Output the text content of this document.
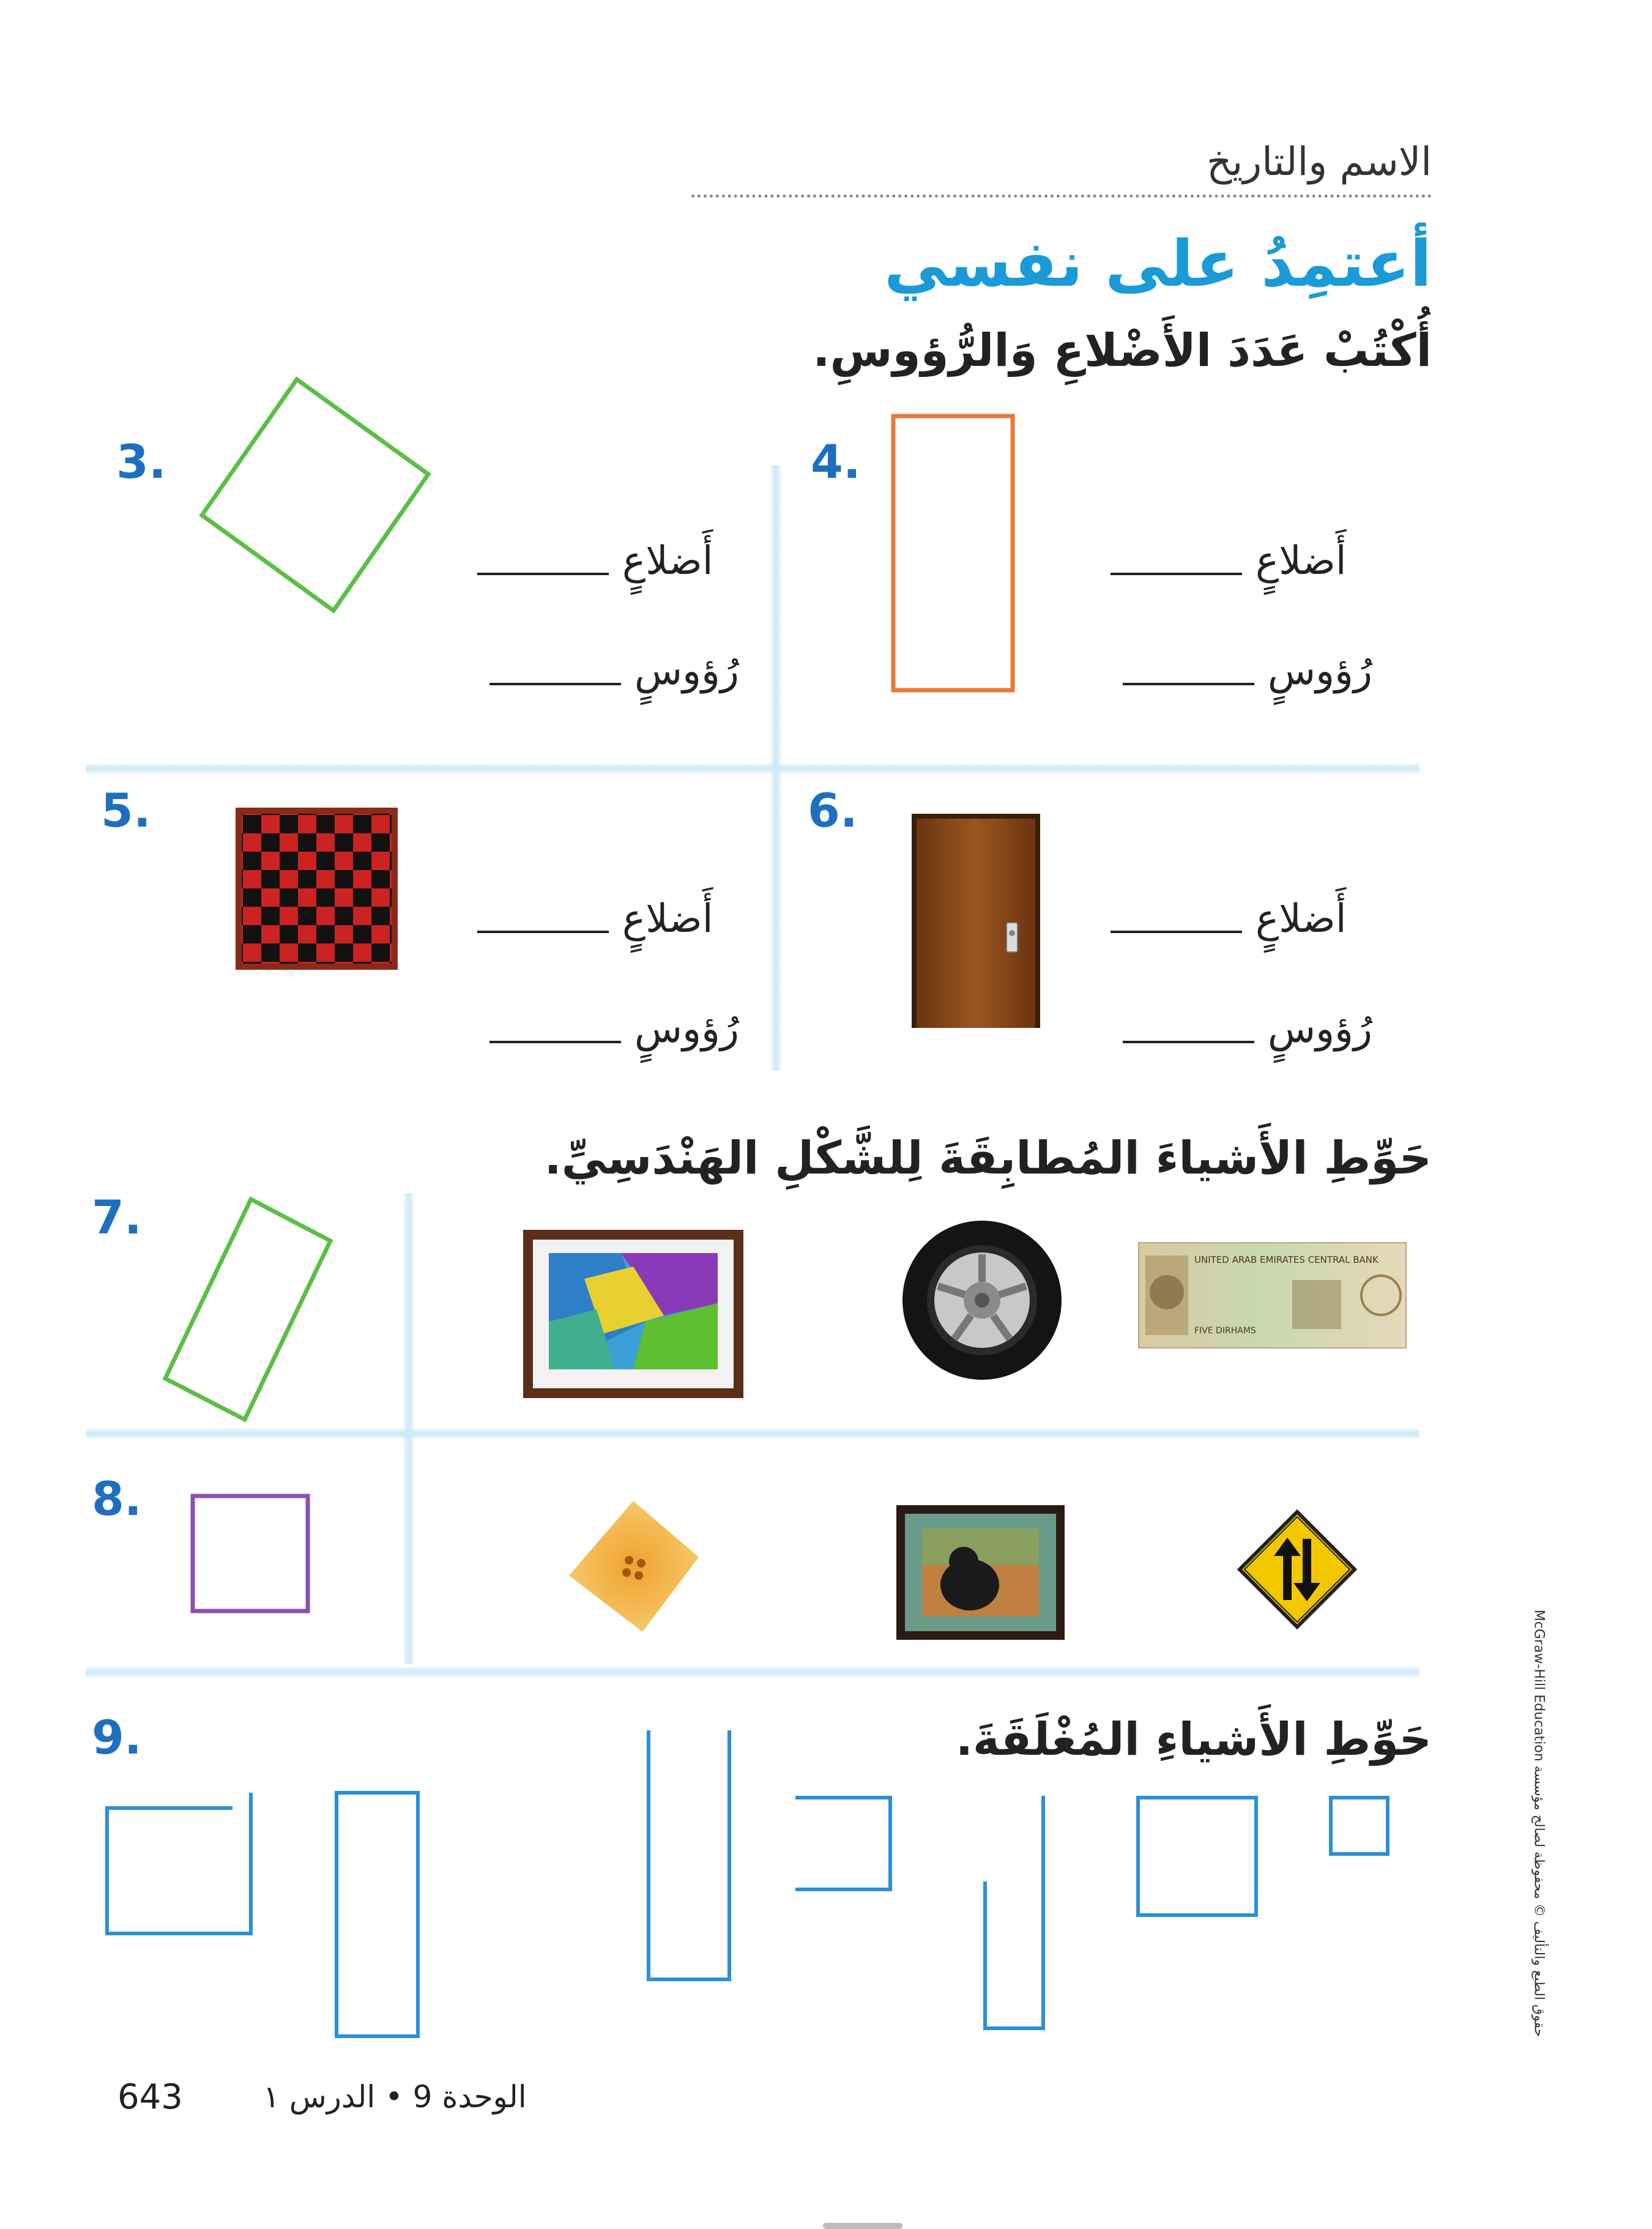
الاسم والتاريخ
أعتمِدُ على نفسي
أُكْتُبْ عَدَدَ الأَضْلاعِ وَالرُّؤوسِ.
3.
أَضلاعٍ
رُؤوسٍ
4.
أَضلاعٍ
رُؤوسٍ
5.
أَضلاعٍ
رُؤوسٍ
6.
أَضلاعٍ
رُؤوسٍ
حَوِّطِ الأَشياءَ المُطابِقَةَ لِلشَّكْلِ الهَنْدَسِيِّ.
7.
UNITED ARAB EMIRATES CENTRAL BANK
FIVE DIRHAMS
8.
9.	حَوِّطِ الأَشياءِ المُغْلَقَةَ.
643	الوحدة 9 • الدرس ١
حقوق الطبع والتأليف © محفوظة لصالح مؤسسة McGraw-Hill Education
